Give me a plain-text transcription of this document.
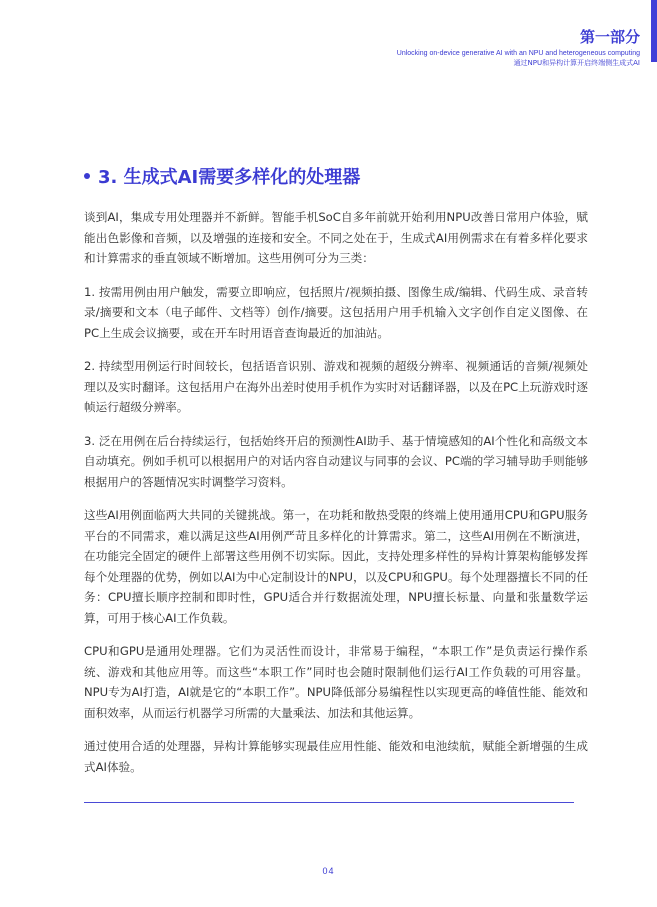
第一部分
Unlocking on-device generative AI with an NPU and heterogeneous computing
通过NPU和异构计算开启终端侧生成式AI
3. 生成式AI需要多样化的处理器

谈到AI，集成专用处理器并不新鲜。智能手机SoC自多年前就开始利用NPU改善日常用户体验，赋能出色影像和音频，以及增强的连接和安全。不同之处在于，生成式AI用例需求在有着多样化要求和计算需求的垂直领域不断增加。这些用例可分为三类：

1. 按需用例由用户触发，需要立即响应，包括照片/视频拍摄、图像生成/编辑、代码生成、录音转录/摘要和文本（电子邮件、文档等）创作/摘要。这包括用户用手机输入文字创作自定义图像、在PC上生成会议摘要，或在开车时用语音查询最近的加油站。

2. 持续型用例运行时间较长，包括语音识别、游戏和视频的超级分辨率、视频通话的音频/视频处理以及实时翻译。这包括用户在海外出差时使用手机作为实时对话翻译器，以及在PC上玩游戏时逐帧运行超级分辨率。

3. 泛在用例在后台持续运行，包括始终开启的预测性AI助手、基于情境感知的AI个性化和高级文本自动填充。例如手机可以根据用户的对话内容自动建议与同事的会议、PC端的学习辅导助手则能够根据用户的答题情况实时调整学习资料。

这些AI用例面临两大共同的关键挑战。第一，在功耗和散热受限的终端上使用通用CPU和GPU服务平台的不同需求，难以满足这些AI用例严苛且多样化的计算需求。第二，这些AI用例在不断演进，在功能完全固定的硬件上部署这些用例不切实际。因此，支持处理多样性的异构计算架构能够发挥每个处理器的优势，例如以AI为中心定制设计的NPU，以及CPU和GPU。每个处理器擅长不同的任务：CPU擅长顺序控制和即时性，GPU适合并行数据流处理，NPU擅长标量、向量和张量数学运算，可用于核心AI工作负载。

CPU和GPU是通用处理器。它们为灵活性而设计，非常易于编程，“本职工作”是负责运行操作系统、游戏和其他应用等。而这些“本职工作”同时也会随时限制他们运行AI工作负载的可用容量。NPU专为AI打造，AI就是它的“本职工作”。NPU降低部分易编程性以实现更高的峰值性能、能效和面积效率，从而运行机器学习所需的大量乘法、加法和其他运算。

通过使用合适的处理器，异构计算能够实现最佳应用性能、能效和电池续航，赋能全新增强的生成式AI体验。

04
